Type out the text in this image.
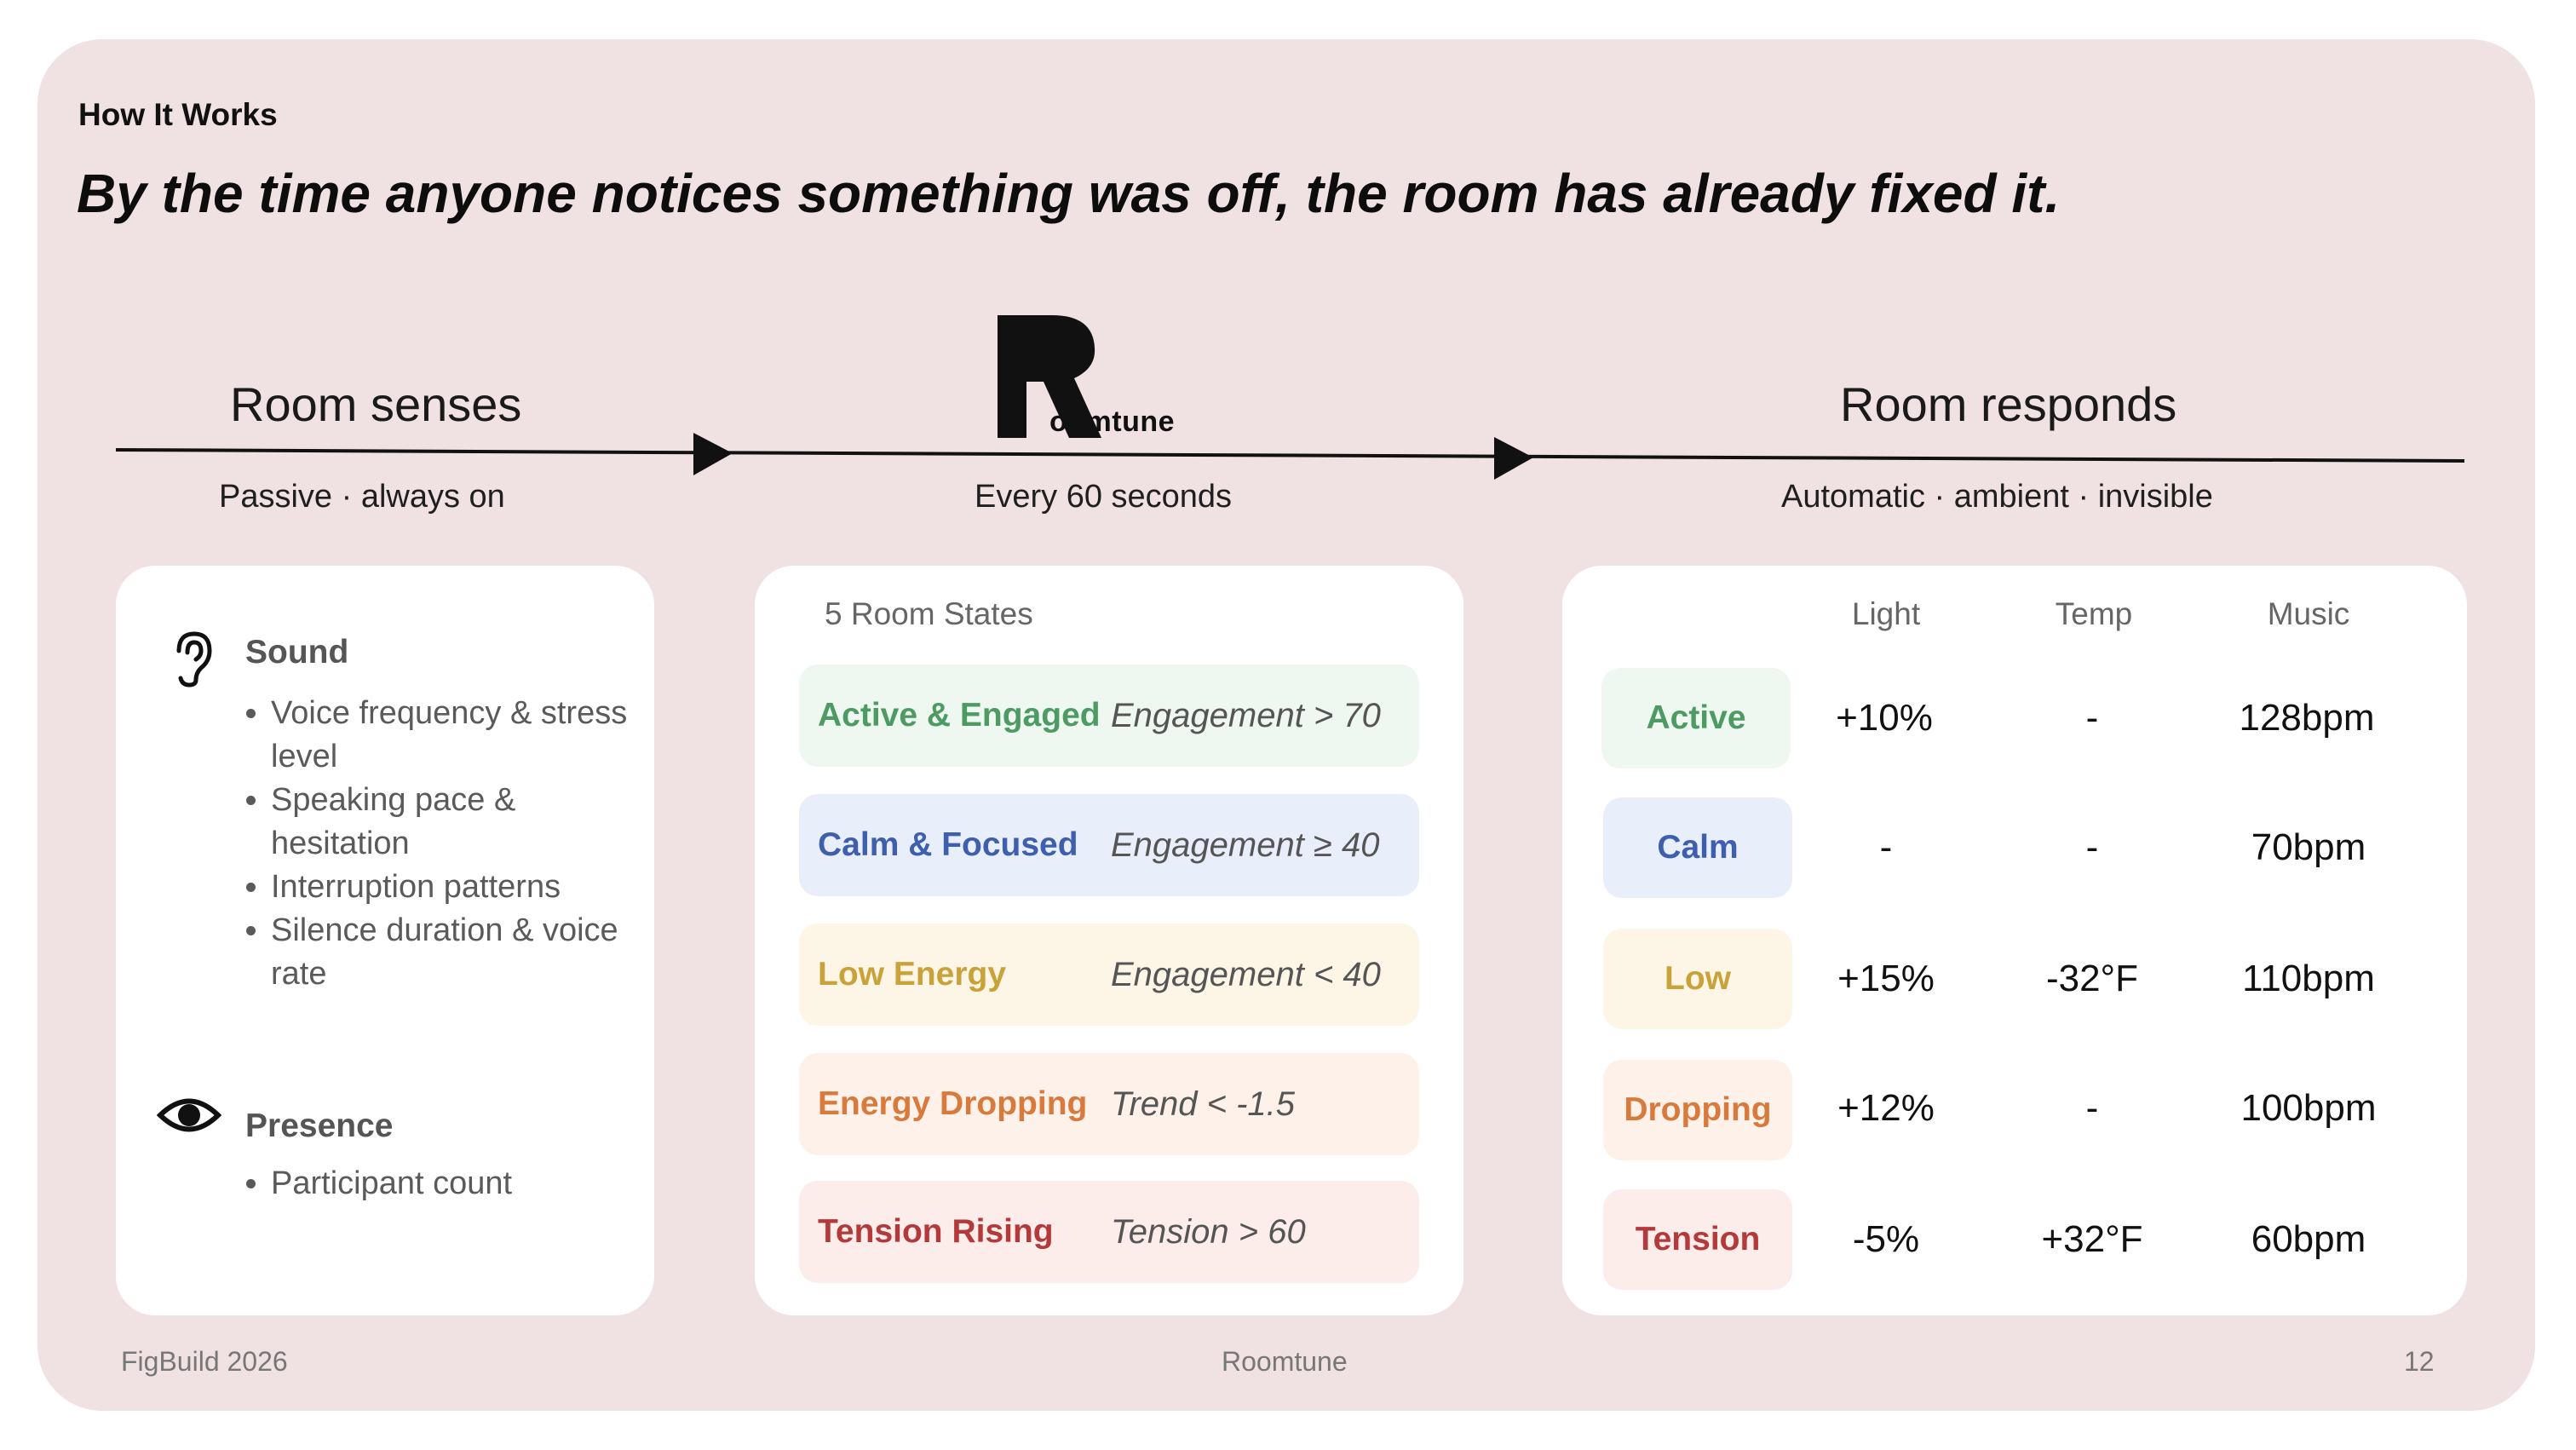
How It Works
By the time anyone notices something was off, the room has already fixed it.
Room senses
Passive · always on
oomtune
Every 60 seconds
Room responds
Automatic · ambient · invisible
Sound
• Voice frequency & stress level
• Speaking pace & hesitation
• Interruption patterns
• Silence duration & voice rate
Presence
• Participant count
5 Room States
Active & Engaged Engagement > 70
Calm & Focused Engagement ≥ 40
Low Energy	Engagement < 40
Energy Dropping Trend < -1.5
Tension Rising Tension > 60
Light	Temp	Music
Active	+10%	-	128bpm
Calm	-	-	70bpm
Low	+15%	-32°F	110bpm
Dropping	+12%	-	100bpm
Tension	-5%	+32°F	60bpm
FigBuild 2026	Roomtune	12
